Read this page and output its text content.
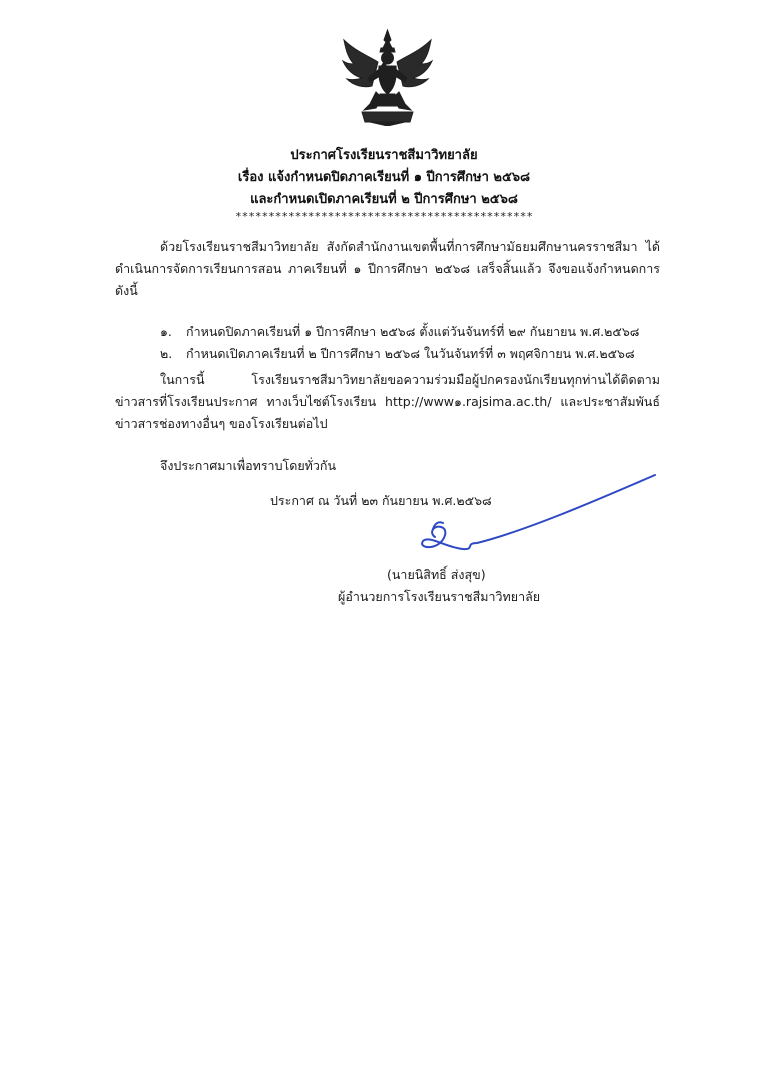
ประกาศโรงเรียนราชสีมาวิทยาลัย
เรื่อง แจ้งกำหนดปิดภาคเรียนที่ ๑ ปีการศึกษา ๒๕๖๘
และกำหนดเปิดภาคเรียนที่ ๒ ปีการศึกษา ๒๕๖๘
*********************************************
ด้วยโรงเรียนราชสีมาวิทยาลัย สังกัดสำนักงานเขตพื้นที่การศึกษามัธยมศึกษานครราชสีมา ได้ดำเนินการจัดการเรียนการสอน ภาคเรียนที่ ๑ ปีการศึกษา ๒๕๖๘ เสร็จสิ้นแล้ว จึงขอแจ้งกำหนดการ ดังนี้
๑. กำหนดปิดภาคเรียนที่ ๑ ปีการศึกษา ๒๕๖๘ ตั้งแต่วันจันทร์ที่ ๒๙ กันยายน พ.ศ.๒๕๖๘
๒. กำหนดเปิดภาคเรียนที่ ๒ ปีการศึกษา ๒๕๖๘ ในวันจันทร์ที่ ๓ พฤศจิกายน พ.ศ.๒๕๖๘
ในการนี้ โรงเรียนราชสีมาวิทยาลัยขอความร่วมมือผู้ปกครองนักเรียนทุกท่านได้ติดตามข่าวสารที่โรงเรียนประกาศ ทางเว็บไซต์โรงเรียน http://www๑.rajsima.ac.th/ และประชาสัมพันธ์ข่าวสารช่องทางอื่นๆ ของโรงเรียนต่อไป
จึงประกาศมาเพื่อทราบโดยทั่วกัน
ประกาศ ณ วันที่ ๒๓ กันยายน พ.ศ.๒๕๖๘
(นายนิสิทธิ์ ส่งสุข)
ผู้อำนวยการโรงเรียนราชสีมาวิทยาลัย
